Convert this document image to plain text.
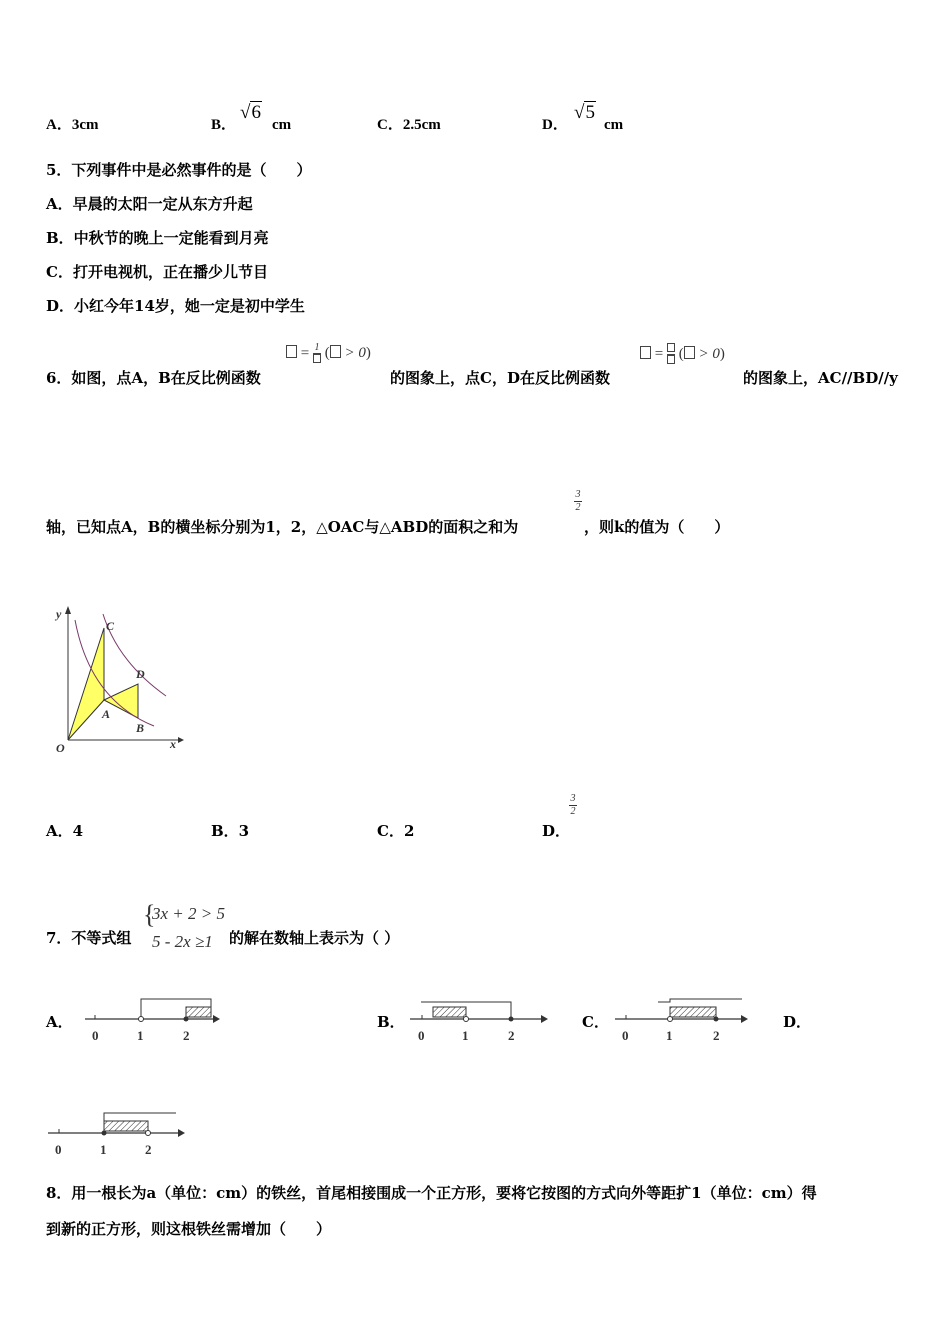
A．3cm	B．
√6
cm	C．2.5cm	D．
√5
cm
5．下列事件中是必然事件的是（　　）
A．早晨的太阳一定从东方升起
B．中秋节的晚上一定能看到月亮
C．打开电视机，正在播少儿节目
D．小红今年14岁，她一定是初中学生
= 1 ( > 0)	=
( > 0)
6．如图，点A，B在反比例函数	的图象上，点C，D在反比例函数	的图象上，AC//BD//y
轴，已知点A，B的横坐标分别为1，2，△OAC与△ABD的面积之和为
3
2
，则k的值为（　　）
y
x
O
C
D
A
B
A．4	B．3	C．2	D．
3
2
7．不等式组
{
3x + 2 > 5
5 - 2x ≥1 的解在数轴上表示为（ ）
A．
0	1	2
B．
0	1	2
C．
0	1	2
D．
0	1	2
8．用一根长为a（单位：cm）的铁丝，首尾相接围成一个正方形，要将它按图的方式向外等距扩1（单位：cm）得
到新的正方形，则这根铁丝需增加（　　）
